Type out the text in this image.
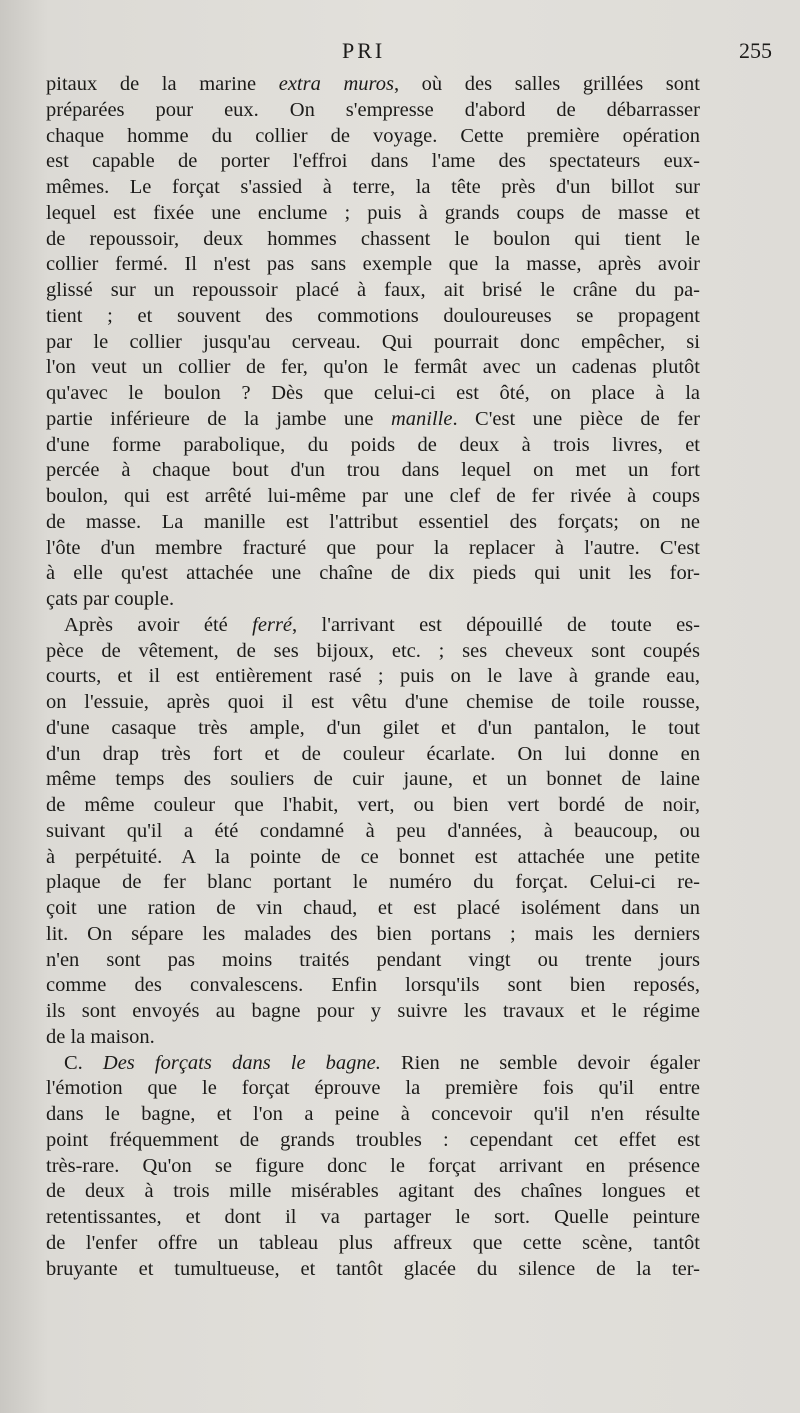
PRI	255
pitaux de la marine extra muros, où des salles grillées sont
préparées pour eux. On s'empresse d'abord de débarrasser
chaque homme du collier de voyage. Cette première opération
est capable de porter l'effroi dans l'ame des spectateurs eux-
mêmes. Le forçat s'assied à terre, la tête près d'un billot sur
lequel est fixée une enclume ; puis à grands coups de masse et
de repoussoir, deux hommes chassent le boulon qui tient le
collier fermé. Il n'est pas sans exemple que la masse, après avoir
glissé sur un repoussoir placé à faux, ait brisé le crâne du pa-
tient ; et souvent des commotions douloureuses se propagent
par le collier jusqu'au cerveau. Qui pourrait donc empêcher, si
l'on veut un collier de fer, qu'on le fermât avec un cadenas plutôt
qu'avec le boulon ? Dès que celui-ci est ôté, on place à la
partie inférieure de la jambe une manille. C'est une pièce de fer
d'une forme parabolique, du poids de deux à trois livres, et
percée à chaque bout d'un trou dans lequel on met un fort
boulon, qui est arrêté lui-même par une clef de fer rivée à coups
de masse. La manille est l'attribut essentiel des forçats; on ne
l'ôte d'un membre fracturé que pour la replacer à l'autre. C'est
à elle qu'est attachée une chaîne de dix pieds qui unit les for-
çats par couple.
Après avoir été ferré, l'arrivant est dépouillé de toute es-
pèce de vêtement, de ses bijoux, etc. ; ses cheveux sont coupés
courts, et il est entièrement rasé ; puis on le lave à grande eau,
on l'essuie, après quoi il est vêtu d'une chemise de toile rousse,
d'une casaque très ample, d'un gilet et d'un pantalon, le tout
d'un drap très fort et de couleur écarlate. On lui donne en
même temps des souliers de cuir jaune, et un bonnet de laine
de même couleur que l'habit, vert, ou bien vert bordé de noir,
suivant qu'il a été condamné à peu d'années, à beaucoup, ou
à perpétuité. A la pointe de ce bonnet est attachée une petite
plaque de fer blanc portant le numéro du forçat. Celui-ci re-
çoit une ration de vin chaud, et est placé isolément dans un
lit. On sépare les malades des bien portans ; mais les derniers
n'en sont pas moins traités pendant vingt ou trente jours
comme des convalescens. Enfin lorsqu'ils sont bien reposés,
ils sont envoyés au bagne pour y suivre les travaux et le régime
de la maison.
C. Des forçats dans le bagne. Rien ne semble devoir égaler
l'émotion que le forçat éprouve la première fois qu'il entre
dans le bagne, et l'on a peine à concevoir qu'il n'en résulte
point fréquemment de grands troubles : cependant cet effet est
très-rare. Qu'on se figure donc le forçat arrivant en présence
de deux à trois mille misérables agitant des chaînes longues et
retentissantes, et dont il va partager le sort. Quelle peinture
de l'enfer offre un tableau plus affreux que cette scène, tantôt
bruyante et tumultueuse, et tantôt glacée du silence de la ter-
